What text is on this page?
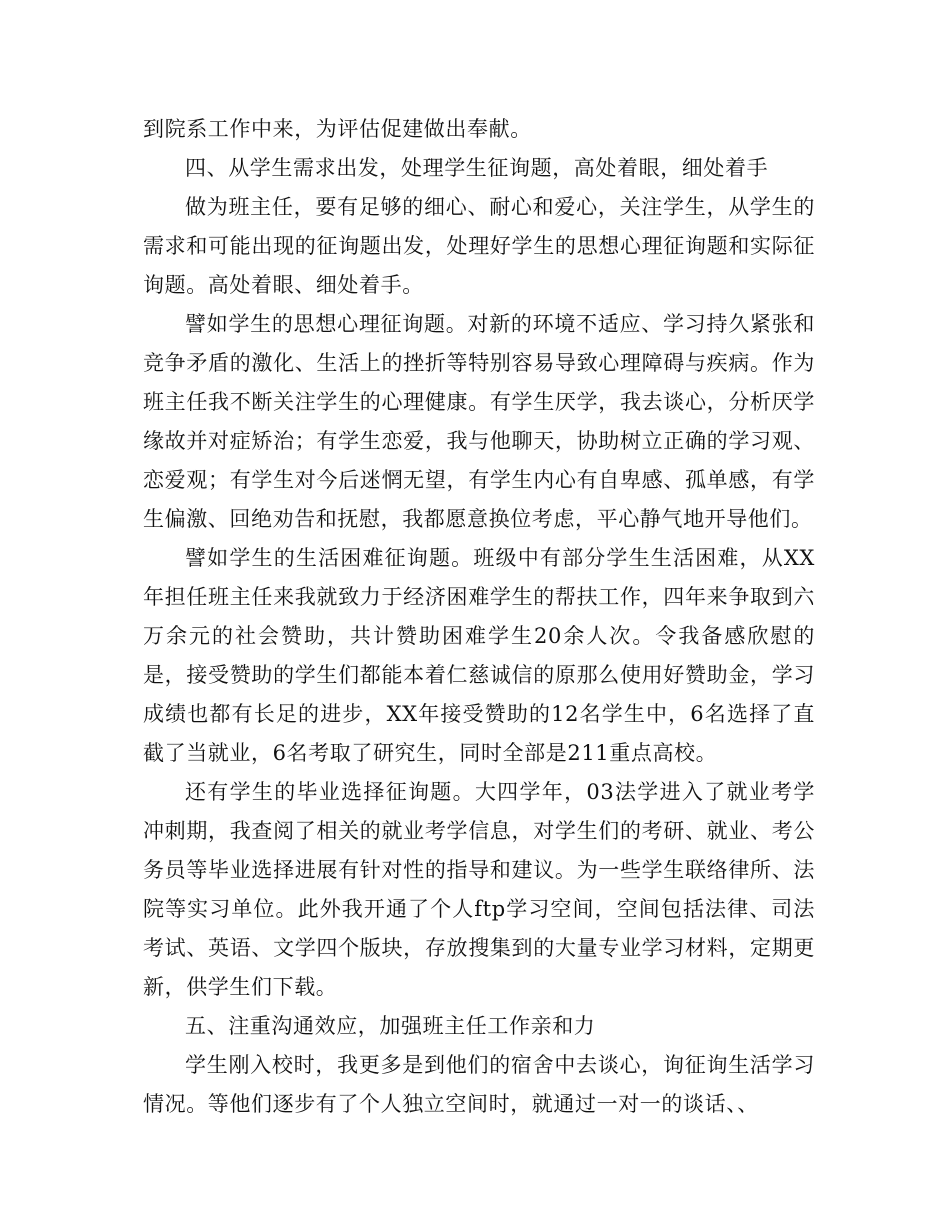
到院系工作中来，为评估促建做出奉献。

四、从学生需求出发，处理学生征询题，高处着眼，细处着手

做为班主任，要有足够的细心、耐心和爱心，关注学生，从学生的需求和可能出现的征询题出发，处理好学生的思想心理征询题和实际征询题。高处着眼、细处着手。

譬如学生的思想心理征询题。对新的环境不适应、学习持久紧张和竞争矛盾的激化、生活上的挫折等特别容易导致心理障碍与疾病。作为班主任我不断关注学生的心理健康。有学生厌学，我去谈心，分析厌学缘故并对症矫治；有学生恋爱，我与他聊天，协助树立正确的学习观、恋爱观；有学生对今后迷惘无望，有学生内心有自卑感、孤单感，有学生偏激、回绝劝告和抚慰，我都愿意换位考虑，平心静气地开导他们。

譬如学生的生活困难征询题。班级中有部分学生生活困难，从XX年担任班主任来我就致力于经济困难学生的帮扶工作，四年来争取到六万余元的社会赞助，共计赞助困难学生20余人次。令我备感欣慰的是，接受赞助的学生们都能本着仁慈诚信的原那么使用好赞助金，学习成绩也都有长足的进步，XX年接受赞助的12名学生中，6名选择了直截了当就业，6名考取了研究生，同时全部是211重点高校。

还有学生的毕业选择征询题。大四学年，03法学进入了就业考学冲刺期，我查阅了相关的就业考学信息，对学生们的考研、就业、考公务员等毕业选择进展有针对性的指导和建议。为一些学生联络律所、法院等实习单位。此外我开通了个人ftp学习空间，空间包括法律、司法考试、英语、文学四个版块，存放搜集到的大量专业学习材料，定期更新，供学生们下载。

五、注重沟通效应，加强班主任工作亲和力

学生刚入校时，我更多是到他们的宿舍中去谈心，询征询生活学习情况。等他们逐步有了个人独立空间时，就通过一对一的谈话、、
